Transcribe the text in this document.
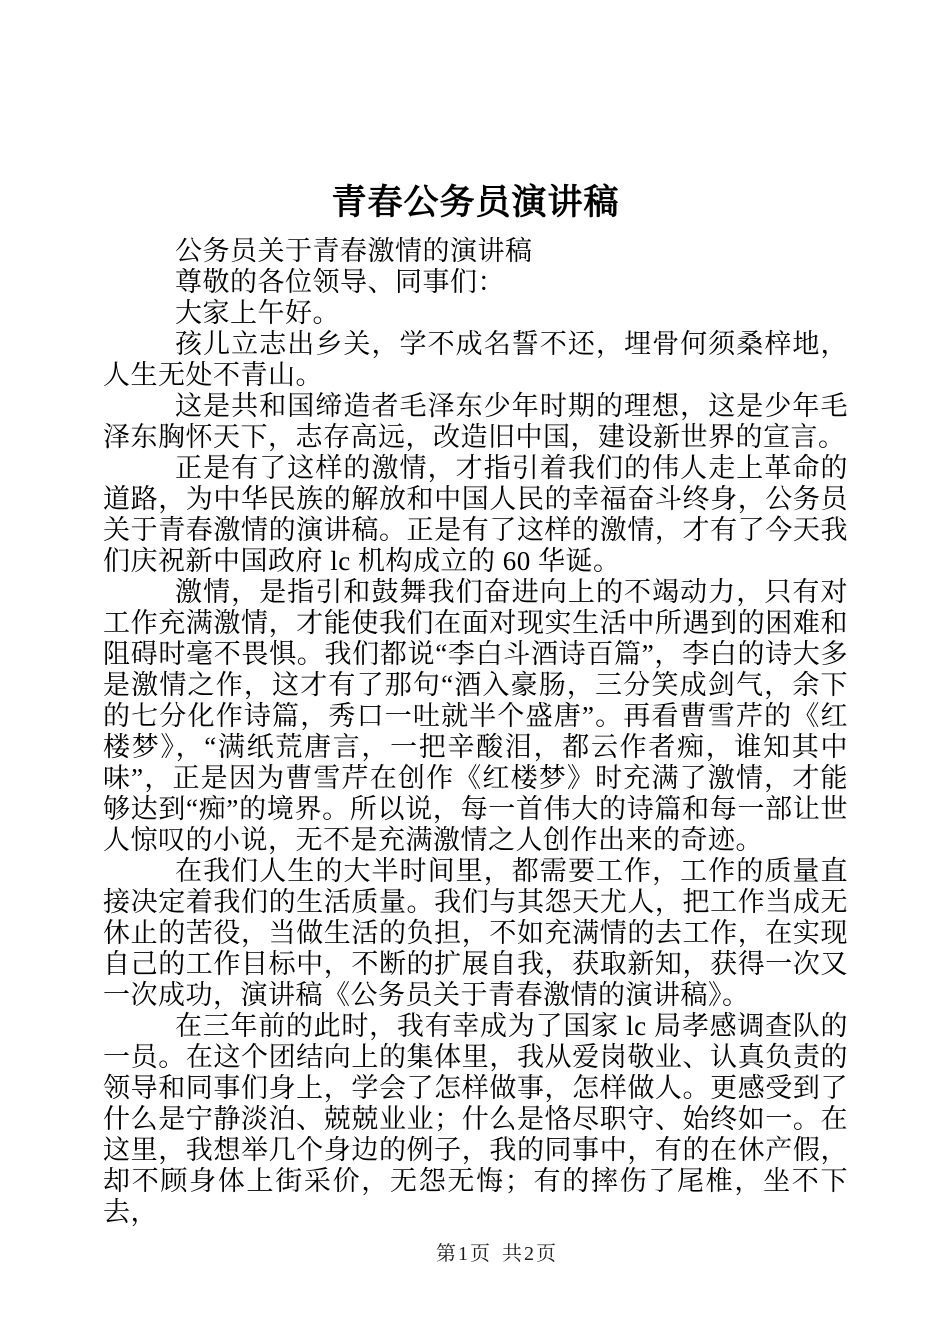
青春公务员演讲稿

公务员关于青春激情的演讲稿

尊敬的各位领导、同事们：

大家上午好。

孩儿立志出乡关，学不成名誓不还，埋骨何须桑梓地，人生无处不青山。

这是共和国缔造者毛泽东少年时期的理想，这是少年毛泽东胸怀天下，志存高远，改造旧中国，建设新世界的宣言。

正是有了这样的激情，才指引着我们的伟人走上革命的道路，为中华民族的解放和中国人民的幸福奋斗终身，公务员关于青春激情的演讲稿。正是有了这样的激情，才有了今天我们庆祝新中国政府 lc 机构成立的 60 华诞。

激情，是指引和鼓舞我们奋进向上的不竭动力，只有对工作充满激情，才能使我们在面对现实生活中所遇到的困难和阻碍时毫不畏惧。我们都说“李白斗酒诗百篇”，李白的诗大多是激情之作，这才有了那句“酒入豪肠，三分笑成剑气，余下的七分化作诗篇，秀口一吐就半个盛唐”。再看曹雪芹的《红楼梦》，“满纸荒唐言，一把辛酸泪，都云作者痴，谁知其中味”，正是因为曹雪芹在创作《红楼梦》时充满了激情，才能够达到“痴”的境界。所以说，每一首伟大的诗篇和每一部让世人惊叹的小说，无不是充满激情之人创作出来的奇迹。

在我们人生的大半时间里，都需要工作，工作的质量直接决定着我们的生活质量。我们与其怨天尤人，把工作当成无休止的苦役，当做生活的负担，不如充满情的去工作，在实现自己的工作目标中，不断的扩展自我，获取新知，获得一次又一次成功，演讲稿《公务员关于青春激情的演讲稿》。

在三年前的此时，我有幸成为了国家 lc 局孝感调查队的一员。在这个团结向上的集体里，我从爱岗敬业、认真负责的领导和同事们身上，学会了怎样做事，怎样做人。更感受到了什么是宁静淡泊、兢兢业业；什么是恪尽职守、始终如一。在这里，我想举几个身边的例子，我的同事中，有的在休产假，却不顾身体上街采价，无怨无悔；有的摔伤了尾椎，坐不下去，

第1页 共2页
